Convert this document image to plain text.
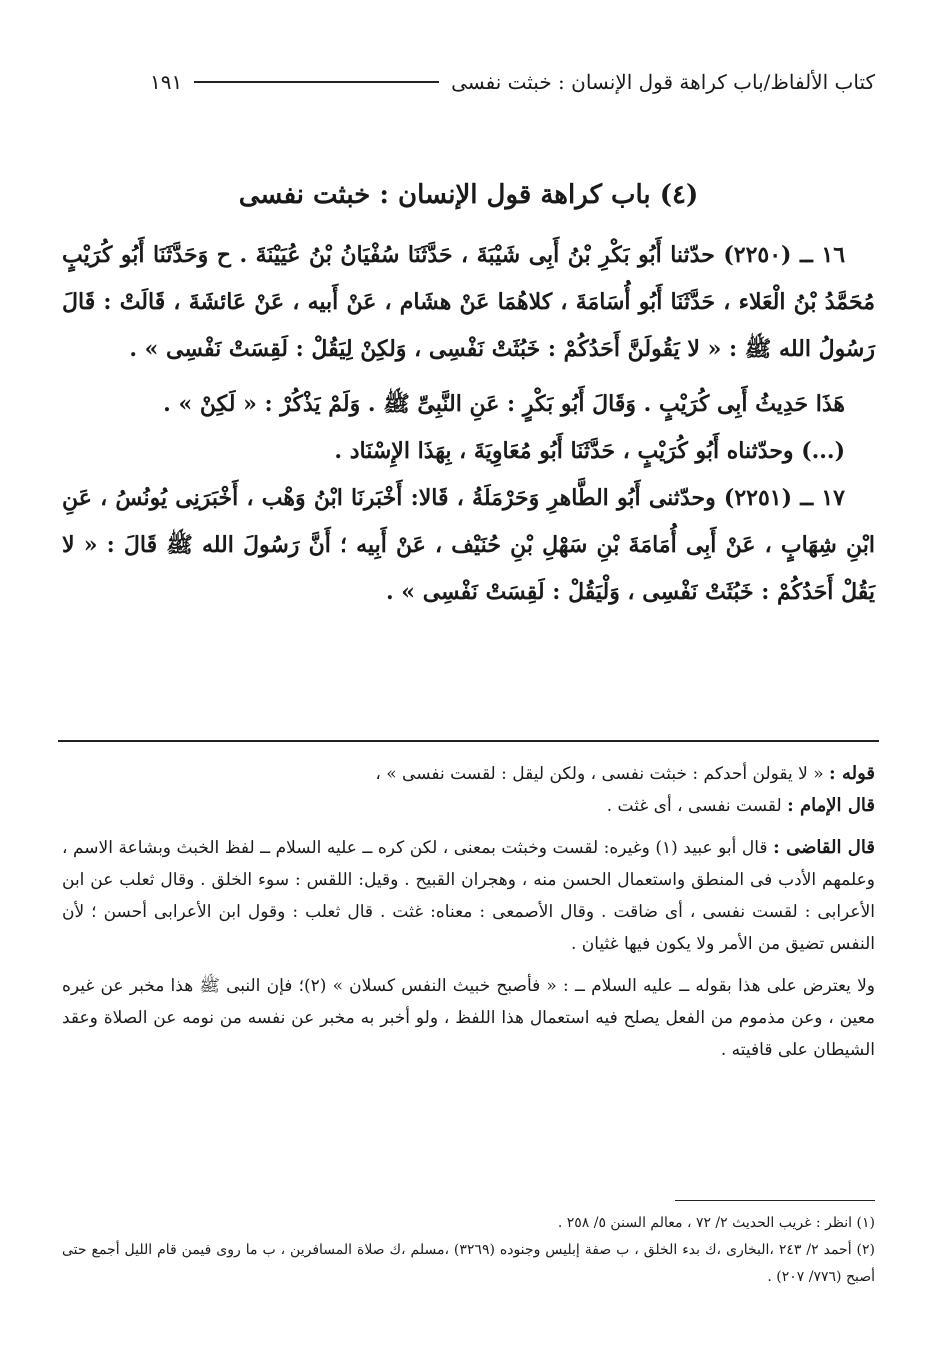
كتاب الألفاظ/باب كراهة قول الإنسان : خبثت نفسى
١٩١
(٤) باب كراهة قول الإنسان : خبثت نفسى

١٦ ــ (٢٢٥٠) حدّثنا أَبُو بَكْرِ بْنُ أَبِى شَيْبَةَ ، حَدَّثَنَا سُفْيَانُ بْنُ عُيَيْنَةَ . ح وَحَدَّثَنَا أَبُو كُرَيْبٍ مُحَمَّدُ بْنُ الْعَلاء ، حَدَّثَنَا أَبُو أُسَامَةَ ، كلاهُمَا عَنْ هشَام ، عَنْ أَبيه ، عَنْ عَائشَةَ ، قَالَتْ : قَالَ رَسُولُ الله ﷺ : « لا يَقُولَنَّ أَحَدُكُمْ : خَبُثَتْ نَفْسِى ، وَلكِنْ لِيَقُلْ : لَقِسَتْ نَفْسِى » .

هَذَا حَدِيثُ أَبِى كُرَيْبٍ . وَقَالَ أَبُو بَكْرٍ : عَنِ النَّبِىِّ ﷺ . وَلَمْ يَذْكُرْ : « لَكِنْ » .

(...) وحدّثناه أَبُو كُرَيْبٍ ، حَدَّثَنَا أَبُو مُعَاوِيَةَ ، بِهَذَا الإِسْنَاد .

١٧ ــ (٢٢٥١) وحدّثنى أَبُو الطَّاهرِ وَحَرْمَلَةُ ، قَالا: أَخْبَرنَا ابْنُ وَهْب ، أَخْبَرَنِى يُونُسُ ، عَنِ ابْنِ شِهَابٍ ، عَنْ أَبِى أُمَامَةَ بْنِ سَهْلِ بْنِ حُنَيْف ، عَنْ أَبِيه ؛ أَنَّ رَسُولَ الله ﷺ قَالَ : « لا يَقُلْ أَحَدُكُمْ : خَبُثَتْ نَفْسِى ، وَلْيَقُلْ : لَقِسَتْ نَفْسِى » .

قوله : « لا يقولن أحدكم : خبثت نفسى ، ولكن ليقل : لقست نفسى » ،

قال الإمام : لقست نفسى ، أى غثت .

قال القاضى : قال أبو عبيد (١) وغيره: لقست وخبثت بمعنى ، لكن كره ــ عليه السلام ــ لفظ الخبث وبشاعة الاسم ، وعلمهم الأدب فى المنطق واستعمال الحسن منه ، وهجران القبيح . وقيل: اللقس : سوء الخلق . وقال ثعلب عن ابن الأعرابى : لقست نفسى ، أى ضاقت . وقال الأصمعى : معناه: غثت . قال ثعلب : وقول ابن الأعرابى أحسن ؛ لأن النفس تضيق من الأمر ولا يكون فيها غثيان .

ولا يعترض على هذا بقوله ــ عليه السلام ــ : « فأصبح خبيث النفس كسلان » (٢)؛ فإن النبى ﷺ هذا مخبر عن غيره معين ، وعن مذموم من الفعل يصلح فيه استعمال هذا اللفظ ، ولو أخبر به مخبر عن نفسه من نومه عن الصلاة وعقد الشيطان على قافيته .

(١) انظر : غريب الحديث ٢/ ٧٢ ، معالم السنن ٥/ ٢٥٨ .

(٢) أحمد ٢/ ٢٤٣ ،البخارى ،ك بدء الخلق ، ب صفة إبليس وجنوده (٣٢٦٩) ،مسلم ،ك صلاة المسافرين ، ب ما روى فيمن قام الليل أجمع حتى أصبح (٧٧٦/ ٢٠٧) .
